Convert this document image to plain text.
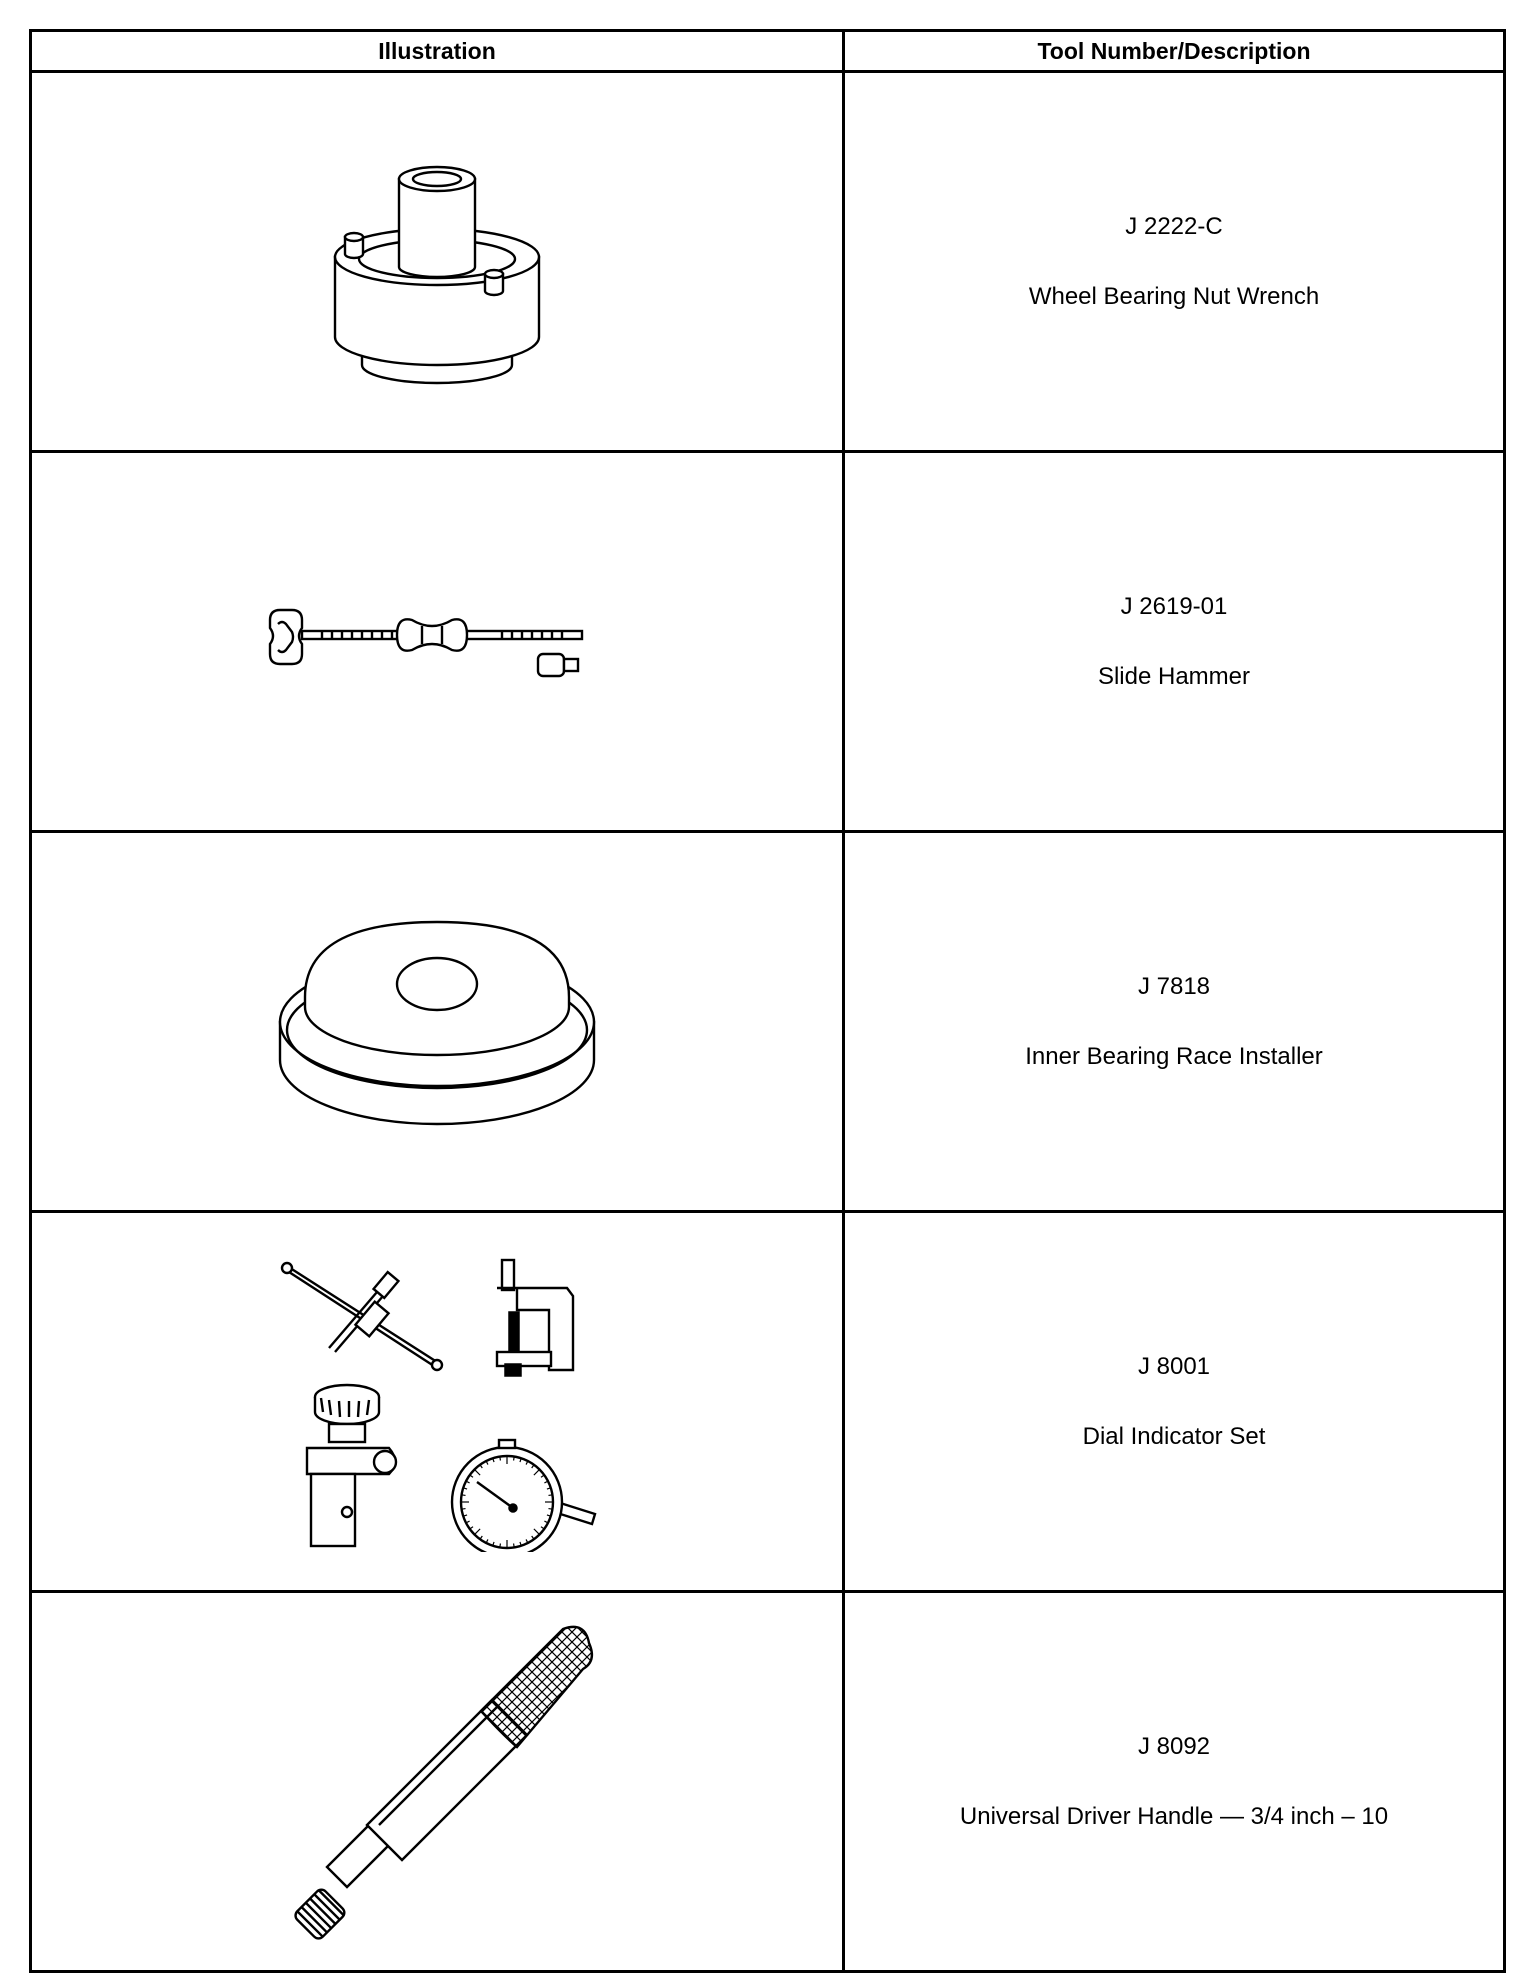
Illustration	Tool Number/Description

J 2222-C
Wheel Bearing Nut Wrench

J 2619-01
Slide Hammer

J 7818
Inner Bearing Race Installer

J 8001
Dial Indicator Set

J 8092
Universal Driver Handle — 3/4 inch – 10
